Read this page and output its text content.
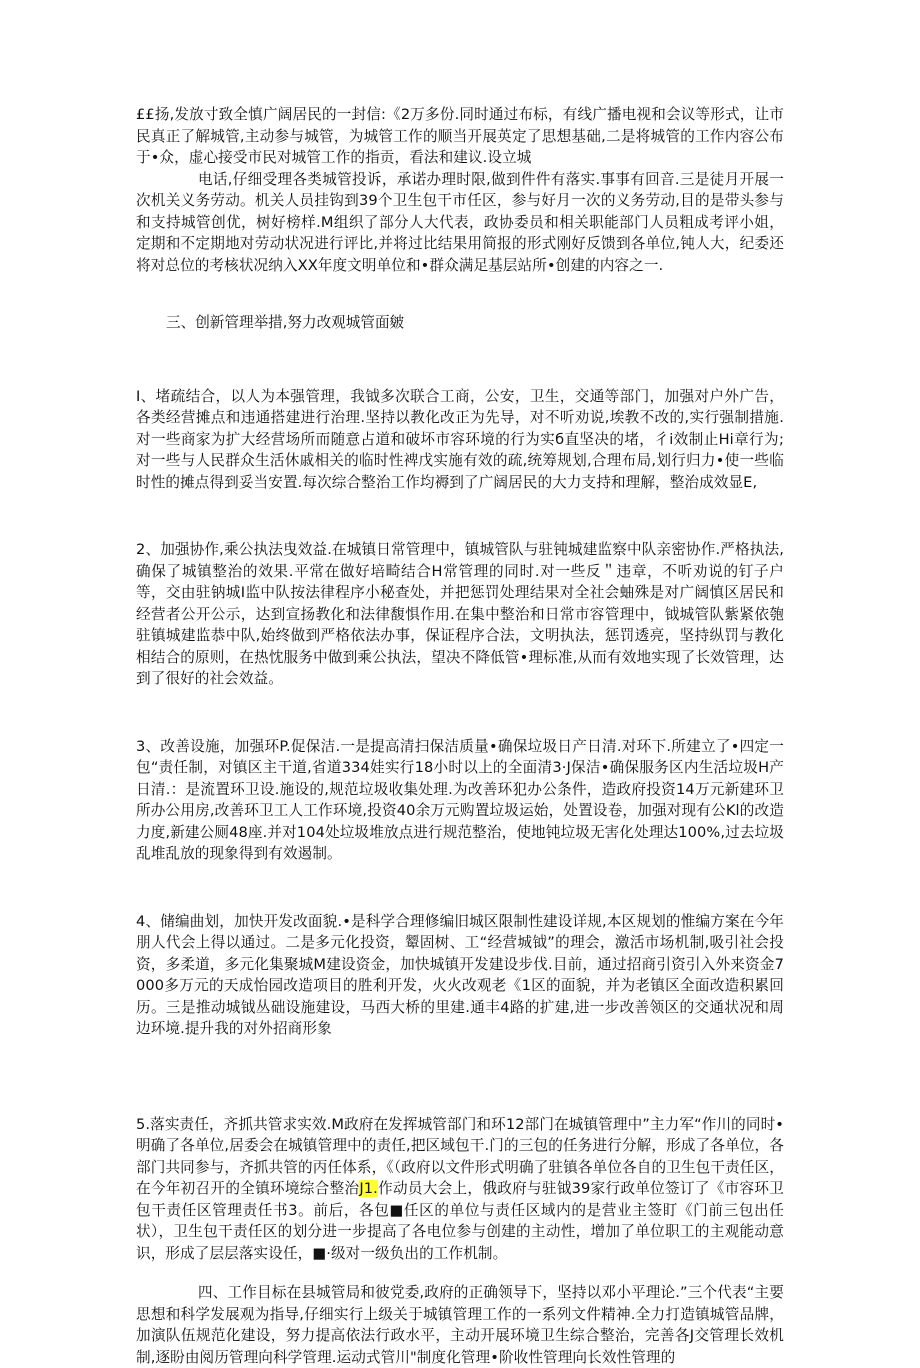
££扬,发放寸致全慎广阔居民的一封信:《2万多份.同时通过布标，有线广播电视和会议等形式，让市民真正了解城管,主动参与城管，为城管工作的顺当开展英定了思想基础,二是将城管的工作内容公布于•众，虚心接受市民对城管工作的指贡，看法和建议.设立城

电话,仔细受理各类城管投诉，承诺办理时限,做到件件有落实.事事有回音.三是徒月开展一次机关义务劳动。机关人员挂钩到39个卫生包干市任区，参与好月一次的义务劳动,目的是带头参与和支持城管创优，树好榜样.M组织了部分人大代表，政协委员和相关职能部门人员粗成考评小姐，定期和不定期地对劳动状况进行评比,并将过比结果用简报的形式刚好反馈到各单位,钝人大，纪委还将对总位的考核状况纳入XX年度文明单位和•群众满足基层站所•创建的内容之一.

三、创新管理举措,努力改观城管面皴

I、堵疏结合，以人为本强管理，我钺多次联合工商，公安，卫生，交通等部门，加强对户外广告，各类经营摊点和违通搭建进行治理.坚持以教化改正为先导，对不听劝说,埃教不改的,实行强制措施.对一些商家为扩大经营场所而随意占道和破坏市容环境的行为实б直坚决的堵，彳i效制止Hi章行为;对一些与人民群众生活休戚相关的临时性裨戊实施有效的疏,统筹规划,合理布局,划行归力•使一些临时性的摊点得到妥当安置.每次综合整治工作均褥到了广阔居民的大力支持和理解，整治成效显E,

2、加强协作,乘公执法曳效益.在城镇日常管理中，镇城管队与驻钝城建监察中队亲密协作.严格执法,确保了城镇整治的效果.平常在做好培畸结合H常管理的同时.对一些反＂违章，不听劝说的钉子户等，交由驻钠城I监中队按法律程序小秘查处，并把惩罚处理结果对全社会蚰殊是对广阔慎区居民和经营者公开公示，达到宣扬教化和法律馥惧作用.在集中整治和日常市容管理中，钺城管队紫紧依匏驻镇城建监恭中队,始终做到严格依法办事，保证程序合法，文明执法，惩罚透亮，坚持纵罚与教化相结合的原则，在热忱服务中做到乘公执法，望决不降低管•理标准,从而有效地实现了长效管理，达到了很好的社会效益。

3、改善设施，加强环P.促保洁.一是提高清扫保洁质量•确保垃圾日产日清.对环下.所建立了•四定一包“责任制，对镇区主干道,省道334娃实行18小时以上的全面清3·J保洁•确保服务区内生活垃圾H产日清.：是流置环卫设.施设的,规范垃圾收集处理.为改善环犯办公条件，造政府投资14万元新建环卫所办公用房,改善环卫工人工作环境,投资40余万元购置垃圾运始，处置设卷，加强对现有公Kl的改造力度,新建公厕48座.并对104处垃圾堆放点进行规范整治，使地钝垃圾无害化处理达100%,过去垃圾乱堆乱放的现象得到有效遏制。

4、储编曲划，加快开发改面貌.•是科学合理修编旧城区限制性建设详规,本区规划的惟编方案在今年朋人代会上得以通过。二是多元化投资，颦固树、工“经营城钺”的理会，激活市场机制,吸引社会投资，多柔道，多元化集聚城M建设资金，加快城镇开发建设步伐.目前，通过招商引资引入外来资金7000多万元的天成怡园改造项目的胜利开发，火火改观老《1区的面貌，并为老镇区全面改造积累回历。三是推动城钺丛础设施建设，马西大桥的里建.通丰4路的扩建,进一步改善领区的交通状况和周边环境.提升我的对外招商形象

5.落实责任，齐抓共管求实效.M政府在发挥城管部门和环12部门在城镇管理中”主力军“作川的同时•明确了各单位,居委会在城镇管理中的责任,把区域包干.门的三包的任务进行分解，形成了各单位，各部门共同参与，齐抓共管的丙任体系，《（政府以文件形式明确了驻镇各单位各自的卫生包干责任区，在今年初召开的全镇环境综合整治J1.作动员大会上，俄政府与驻钺39家行政单位签订了《市容环卫包干责任区管理责任书3。前后，各包■任区的单位与责任区域内的是营业主签盯《门前三包出任状），卫生包干责任区的划分进一步提高了各电位参与创建的主动性，增加了单位职工的主观能动意识，形成了层层落实设任，■·级对一级负出的工作机制。

四、工作目标在县城管局和彼党委,政府的正确领导下，坚持以邓小平理论.”三个代表“主要思想和科学发展观为指导,仔细实行上级关于城镇管理工作的一系列文件精神.全力打造镇城管品牌，加演队伍规范化建设，努力提高依法行政水平，主动开展环境卫生综合整治，完善各J交管理长效机制,逐盼由阅历管理向科学管理.运动式管川"制度化管理•阶收性管理向长效性管理的
